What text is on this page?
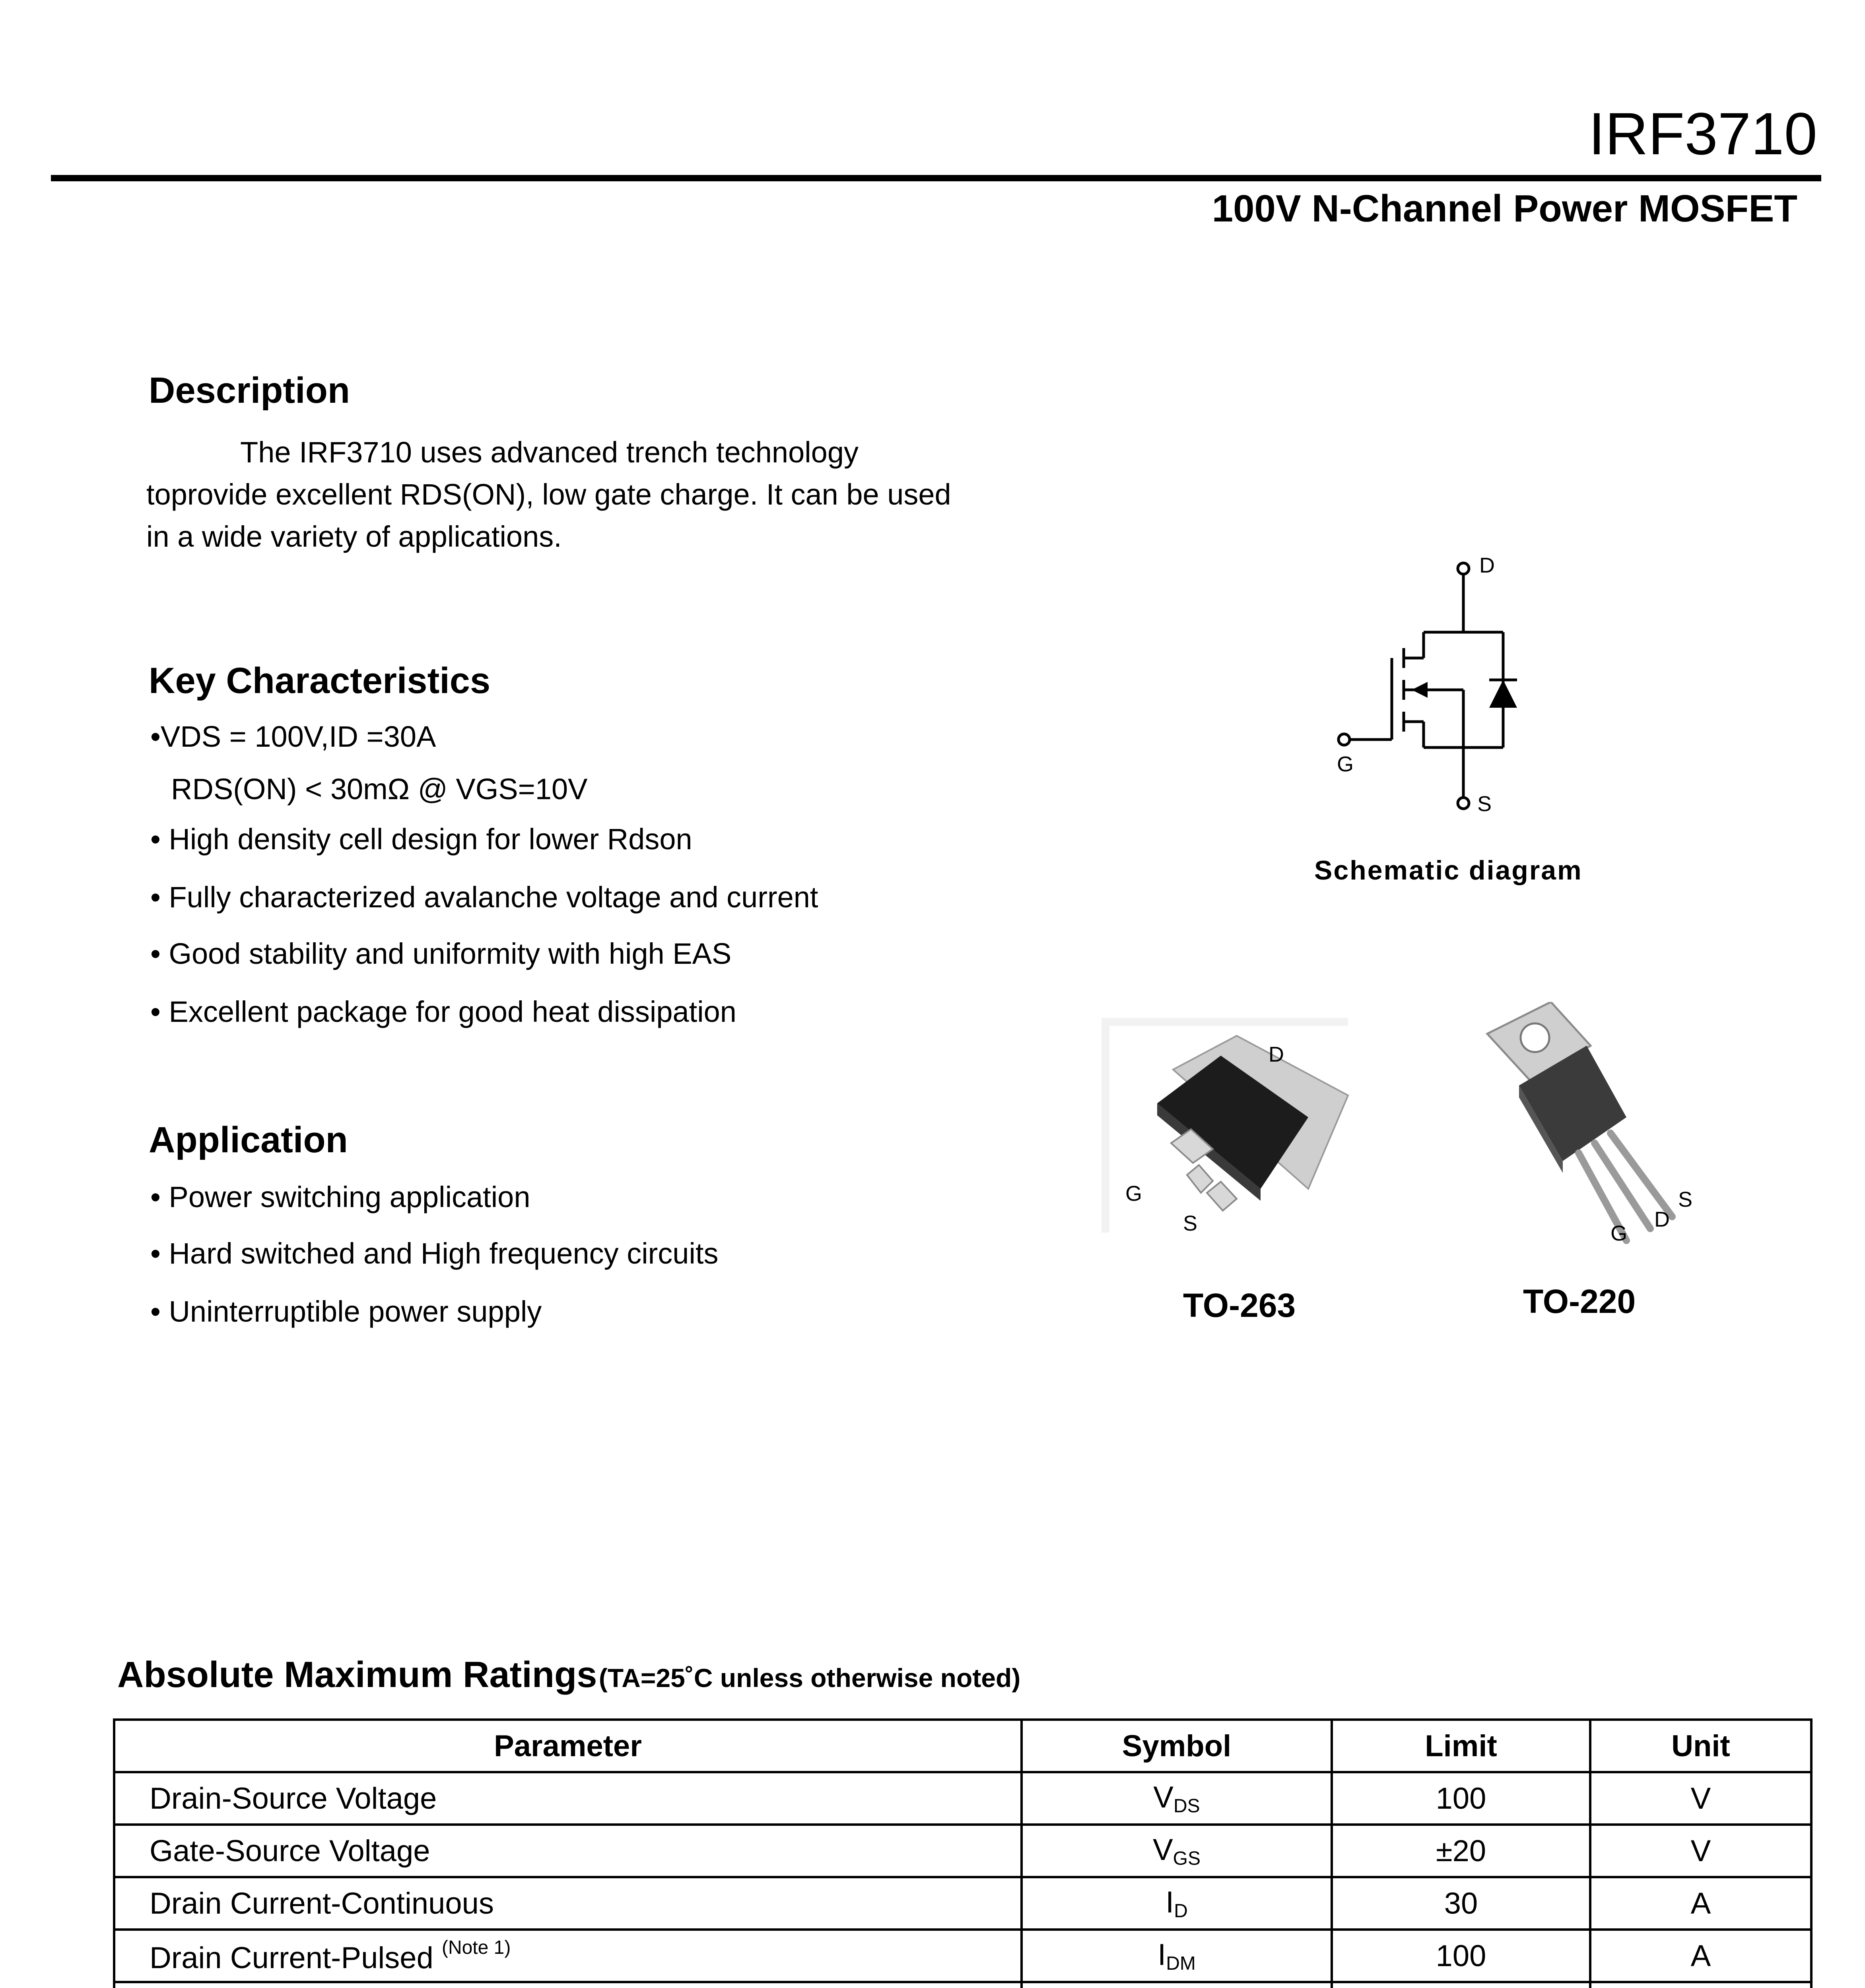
IRF3710
100V N-Channel Power MOSFET
Description
The IRF3710 uses advanced trench technology
toprovide excellent RDS(ON), low gate charge. It can be used
in a wide variety of applications.
Key Characteristics
•VDS = 100V,ID =30A
RDS(ON) < 30mΩ @ VGS=10V
• High density cell design for lower Rdson
• Fully characterized avalanche voltage and current
• Good stability and uniformity with high EAS
• Excellent package for good heat dissipation
Application
• Power switching application
• Hard switched and High frequency circuits
• Uninterruptible power supply
D
G
S
Schematic diagram
D
G
S
TO-263
S
D
G
TO-220
Absolute Maximum Ratings (TA=25˚C unless otherwise noted)
Parameter	Symbol	Limit	Unit
Drain-Source Voltage	$V_{DS}$	100	V
Gate-Source Voltage	$V_{GS}$	±20	V
Drain Current-Continuous	$I_D$	30	A
Drain Current-Pulsed $^{(Note 1)}$	$I_{DM}$	100	A
